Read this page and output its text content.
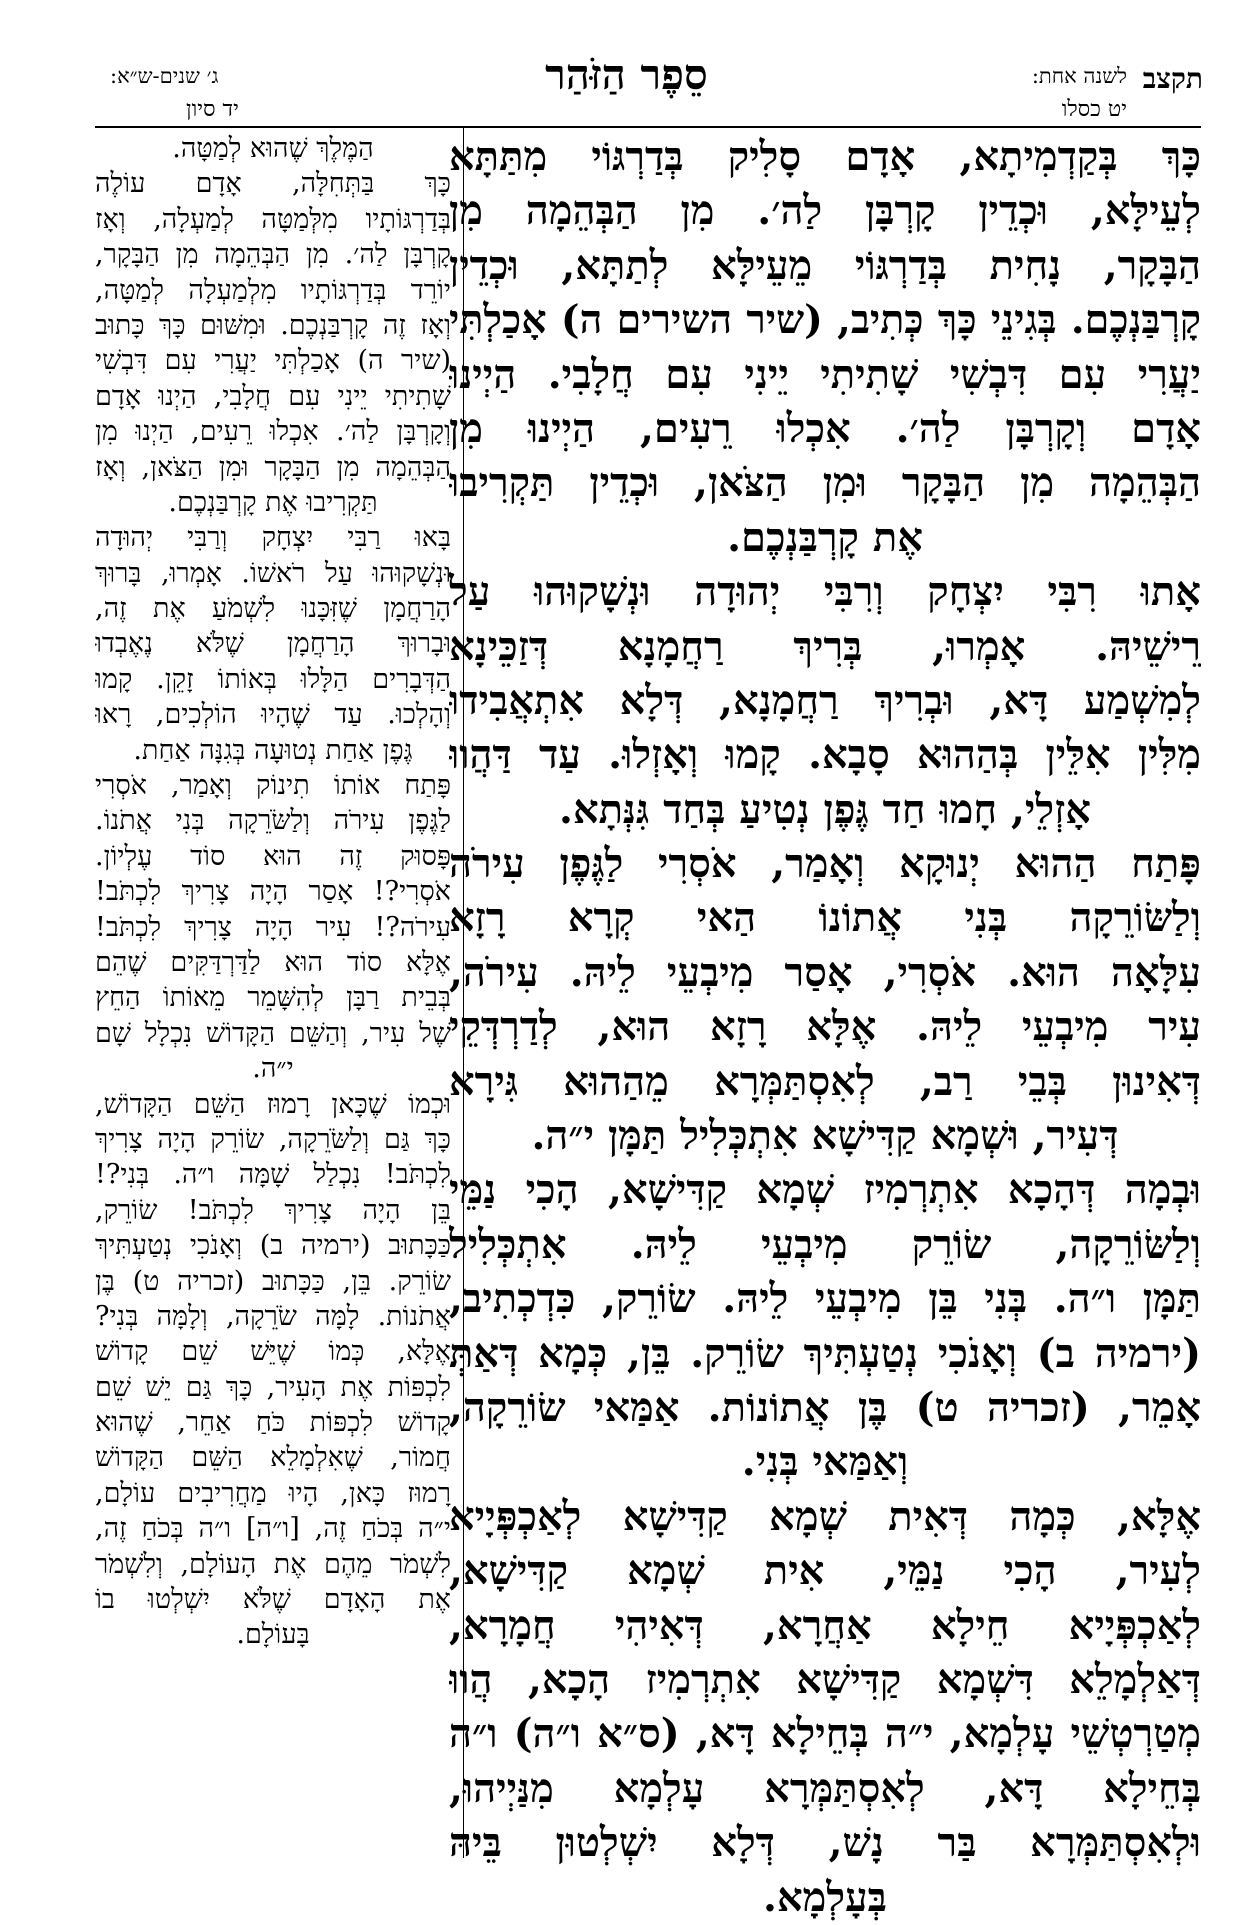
תקצב
לשנה אחת:
יט כסלו
סֵפֶר הַזֹּהַר
ג׳ שנים-ש״א:
יד סיון
כָּךְ בְּקַדְמִיתָא, אָדָם סָלִיק בְּדַרְגּוֹי מִתַּתָּא
לְעֵילָּא, וּכְדֵין קָרְבָּן לַה׳. מִן הַבְּהֵמָה מִן
הַבָּקָר, נָחִית בְּדַרְגּוֹי מֵעֵילָּא לְתַתָּא, וּכְדֵין
קָרְבַּנְכֶם. בְּגִינֵי כָּךְ כְּתִיב, (שיר השירים ה) אָכַלְתִּי
יַעֲרִי עִם דִּבְשִׁי שָׁתִיתִי יֵינִי עִם חֲלָבִי. הַיְינוּ
אָדָם וְקָרְבָּן לַה׳. אִכְלוּ רֵעִים, הַיְינוּ מִן
הַבְּהֵמָה מִן הַבָּקָר וּמִן הַצֹּאן, וּכְדֵין תַּקְרִיבוּ
אֶת קָרְבַּנְכֶם.
אָתוּ רִבִּי יִצְחָק וְרִבִּי יְהוּדָה וּנְשָׁקוּהוּ עַל
רֵישֵׁיהּ. אָמְרוּ, בְּרִיךְ רַחֲמָנָא דְּזַכֵּינָא
לְמִשְׁמַע דָּא, וּבְרִיךְ רַחֲמָנָא, דְּלָא אִתְאֲבִידוּ
מִלִּין אִלֵּין בְּהַהוּא סָבָא. קָמוּ וְאָזְלוּ. עַד דַּהֲווּ
אָזְלֵי, חָמוּ חַד גֶּפֶן נְטִיעַ בְּחַד גִּנְּתָא.
פָּתַח הַהוּא יְנוּקָא וְאָמַר, אֹסְרִי לַגֶּפֶן עִירֹה
וְלַשּׂוֹרֵקָה בְּנִי אֲתוֹנוֹ הַאי קְרָא רָזָא
עִלָּאָה הוּא. אֹסְרִי, אָסַר מִיבְעֵי לֵיהּ. עִירֹה,
עִיר מִיבְעֵי לֵיהּ. אֶלָּא רָזָא הוּא, לְדַרְדְּקֵי
דְּאִינוּן בְּבֵי רַב, לְאִסְתַּמְּרָא מֵהַהוּא גִּירָא
דְּעִיר, וּשְׁמָא קַדִּישָׁא אִתְכְּלִיל תַּמָּן י״ה.
וּבְמָה דְּהָכָא אִתְרְמִיז שְׁמָא קַדִּישָׁא, הָכִי נַמֵּי
וְלַשּׂוֹרֵקָה, שׂוֹרֵק מִיבְעֵי לֵיהּ. אִתְכְּלִיל
תַּמָּן ו״ה. בְּנִי בֵּן מִיבְעֵי לֵיהּ. שׂוֹרֵק, כִּדְכְתִיב,
(ירמיה ב) וְאָנֹכִי נְטַעְתִּיךְ שׂוֹרֵק. בֵּן, כְּמָא דְּאַתְּ
אָמֵר, (זכריה ט) בֶּן אֲתוֹנוֹת. אַמַּאי שׂוֹרֵקָה,
וְאַמַּאי בְּנִי.
אֶלָּא, כְּמָה דְּאִית שְׁמָא קַדִּישָׁא לְאַכְפְּיָיא
לְעִיר, הָכִי נַמֵּי, אִית שְׁמָא קַדִּישָׁא,
לְאַכְפְּיָיא חֵילָא אַחֲרָא, דְּאִיהִי חֲמָרָא,
דְּאַלְמָלֵא דִּשְׁמָא קַדִּישָׁא אִתְרְמִיז הָכָא, הֲווּ
מְטַרְטְשֵׁי עָלְמָא, י״ה בְּחֵילָא דָּא, (ס״א ו״ה) ו״ה
בְּחֵילָא דָּא, לְאִסְתַּמְּרָא עָלְמָא מִנַּיְיהוּ,
וּלְאִסְתַּמְּרָא בַּר נָשׁ, דְּלָא יִשְׁלְטוּן בֵּיהּ
בְּעָלְמָא.
הַמֶּלֶךְ שֶׁהוּא לְמַטָּה.
כָּךְ בַּתְּחִלָּה, אָדָם עוֹלֶה
בְּדַרְגּוֹתָיו מִלְּמַטָּה לְמַעְלָה, וְאָז
קָרְבָּן לַה׳. מִן הַבְּהֵמָה מִן הַבָּקָר,
יוֹרֵד בְּדַרְגּוֹתָיו מִלְמַעְלָה לְמַטָּה,
וְאָז זֶה קָרְבַּנְכֶם. וּמִשּׁוּם כָּךְ כָּתוּב
(שיר ה) אָכַלְתִּי יַעֲרִי עִם דִּבְשִׁי
שָׁתִיתִי יֵינִי עִם חֲלָבִי, הַיְנוּ אָדָם
וְקָרְבָּן לַה׳. אִכְלוּ רֵעִים, הַיְנוּ מִן
הַבְּהֵמָה מִן הַבָּקָר וּמִן הַצֹּאן, וְאָז
תַּקְרִיבוּ אֶת קָרְבַּנְכֶם.
בָּאוּ רַבִּי יִצְחָק וְרַבִּי יְהוּדָה
וּנְשָׁקוּהוּ עַל רֹאשׁוֹ. אָמְרוּ, בָּרוּךְ
הָרַחֲמָן שֶׁזִּכָּנוּ לִשְׁמֹעַ אֶת זֶה,
וּבָרוּךְ הָרַחֲמָן שֶׁלֹּא נֶאֶבְדוּ
הַדְּבָרִים הַלָּלוּ בְּאוֹתוֹ זָקֵן. קָמוּ
וְהָלְכוּ. עַד שֶׁהָיוּ הוֹלְכִים, רָאוּ
גֶּפֶן אַחַת נְטוּעָה בְּגִנָּה אַחַת.
פָּתַח אוֹתוֹ תִינוֹק וְאָמַר, אֹסְרִי
לַגֶּפֶן עִירֹה וְלַשֹּׂרֵקָה בְּנִי אֲתֹנוֹ.
פָּסוּק זֶה הוּא סוֹד עֶלְיוֹן.
אֹסְרִי?! אָסַר הָיָה צָרִיךְ לִכְתֹּב!
עִירֹה?! עִיר הָיָה צָרִיךְ לִכְתֹּב!
אֶלָּא סוֹד הוּא לַדַּרְדַּקִּים שֶׁהֵם
בְּבֵית רַבָּן לְהִשָּׁמֵר מֵאוֹתוֹ הַחֵץ
שֶׁל עִיר, וְהַשֵּׁם הַקָּדוֹשׁ נִכְלָל שָׁם
י״ה.
וּכְמוֹ שֶׁכָּאן רָמוּז הַשֵּׁם הַקָּדוֹשׁ,
כָּךְ גַּם וְלַשֹּׂרֵקָה, שׂוֹרֵק הָיָה צָרִיךְ
לִכְתֹּב! נִכְלַל שָׁמָּה ו״ה. בְּנִי?!
בֵּן הָיָה צָרִיךְ לִכְתֹּב! שׂוֹרֵק,
כַּכָּתוּב (ירמיה ב) וְאָנֹכִי נְטַעְתִּיךְ
שׂוֹרֵק. בֵּן, כַּכָּתוּב (זכריה ט) בֶּן
אֲתֹנוֹת. לָמָּה שֹׂרֵקָה, וְלָמָּה בְּנִי?
אֶלָּא, כְּמוֹ שֶׁיֵּשׁ שֵׁם קָדוֹשׁ
לִכְפּוֹת אֶת הָעִיר, כָּךְ גַּם יֵשׁ שֵׁם
קָדוֹשׁ לִכְפּוֹת כֹּחַ אַחֵר, שֶׁהוּא
חֲמוֹר, שֶׁאִלְמָלֵא הַשֵּׁם הַקָּדוֹשׁ
רָמוּז כָּאן, הָיוּ מַחֲרִיבִים עוֹלָם,
י״ה בְּכֹחַ זֶה, [ו״ה] ו״ה בְּכֹחַ זֶה,
לִשְׁמֹר מֵהֶם אֶת הָעוֹלָם, וְלִשְׁמֹר
אֶת הָאָדָם שֶׁלֹּא יִשְׁלְטוּ בוֹ
בָּעוֹלָם.
